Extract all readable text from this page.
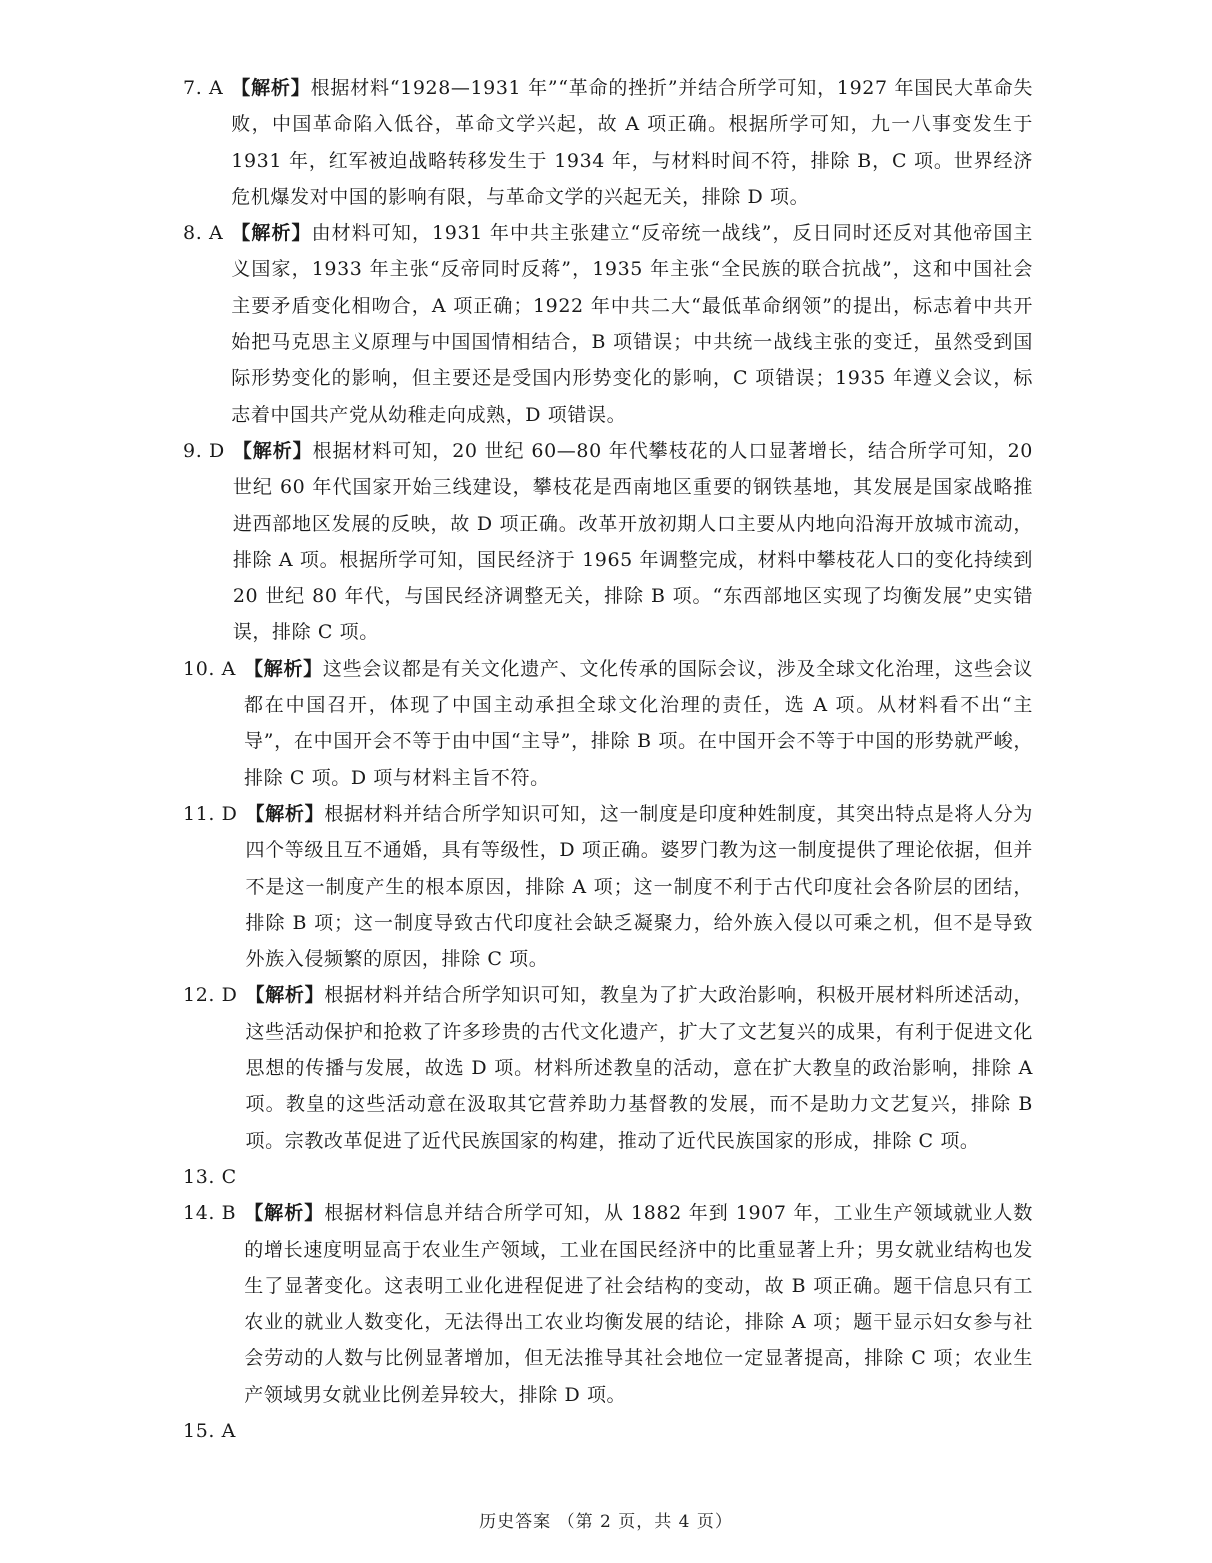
7. A 【解析】根据材料“1928—1931 年”“革命的挫折”并结合所学可知，1927 年国民大革命失败，中国革命陷入低谷，革命文学兴起，故 A 项正确。根据所学可知，九一八事变发生于 1931 年，红军被迫战略转移发生于 1934 年，与材料时间不符，排除 B，C 项。世界经济危机爆发对中国的影响有限，与革命文学的兴起无关，排除 D 项。
8. A 【解析】由材料可知，1931 年中共主张建立“反帝统一战线”，反日同时还反对其他帝国主义国家，1933 年主张“反帝同时反蒋”，1935 年主张“全民族的联合抗战”，这和中国社会主要矛盾变化相吻合，A 项正确；1922 年中共二大“最低革命纲领”的提出，标志着中共开始把马克思主义原理与中国国情相结合，B 项错误；中共统一战线主张的变迁，虽然受到国际形势变化的影响，但主要还是受国内形势变化的影响，C 项错误；1935 年遵义会议，标志着中国共产党从幼稚走向成熟，D 项错误。
9. D 【解析】根据材料可知，20 世纪 60—80 年代攀枝花的人口显著增长，结合所学可知，20 世纪 60 年代国家开始三线建设，攀枝花是西南地区重要的钢铁基地，其发展是国家战略推进西部地区发展的反映，故 D 项正确。改革开放初期人口主要从内地向沿海开放城市流动，排除 A 项。根据所学可知，国民经济于 1965 年调整完成，材料中攀枝花人口的变化持续到 20 世纪 80 年代，与国民经济调整无关，排除 B 项。“东西部地区实现了均衡发展”史实错误，排除 C 项。
10. A 【解析】这些会议都是有关文化遗产、文化传承的国际会议，涉及全球文化治理，这些会议都在中国召开，体现了中国主动承担全球文化治理的责任，选 A 项。从材料看不出“主导”，在中国开会不等于由中国“主导”，排除 B 项。在中国开会不等于中国的形势就严峻，排除 C 项。D 项与材料主旨不符。
11. D 【解析】根据材料并结合所学知识可知，这一制度是印度种姓制度，其突出特点是将人分为四个等级且互不通婚，具有等级性，D 项正确。婆罗门教为这一制度提供了理论依据，但并不是这一制度产生的根本原因，排除 A 项；这一制度不利于古代印度社会各阶层的团结，排除 B 项；这一制度导致古代印度社会缺乏凝聚力，给外族入侵以可乘之机，但不是导致外族入侵频繁的原因，排除 C 项。
12. D 【解析】根据材料并结合所学知识可知，教皇为了扩大政治影响，积极开展材料所述活动，这些活动保护和抢救了许多珍贵的古代文化遗产，扩大了文艺复兴的成果，有利于促进文化思想的传播与发展，故选 D 项。材料所述教皇的活动，意在扩大教皇的政治影响，排除 A 项。教皇的这些活动意在汲取其它营养助力基督教的发展，而不是助力文艺复兴，排除 B 项。宗教改革促进了近代民族国家的构建，推动了近代民族国家的形成，排除 C 项。
13. C
14. B 【解析】根据材料信息并结合所学可知，从 1882 年到 1907 年，工业生产领域就业人数的增长速度明显高于农业生产领域，工业在国民经济中的比重显著上升；男女就业结构也发生了显著变化。这表明工业化进程促进了社会结构的变动，故 B 项正确。题干信息只有工农业的就业人数变化，无法得出工农业均衡发展的结论，排除 A 项；题干显示妇女参与社会劳动的人数与比例显著增加，但无法推导其社会地位一定显著提高，排除 C 项；农业生产领域男女就业比例差异较大，排除 D 项。
15. A
历史答案 （第 2 页，共 4 页）
